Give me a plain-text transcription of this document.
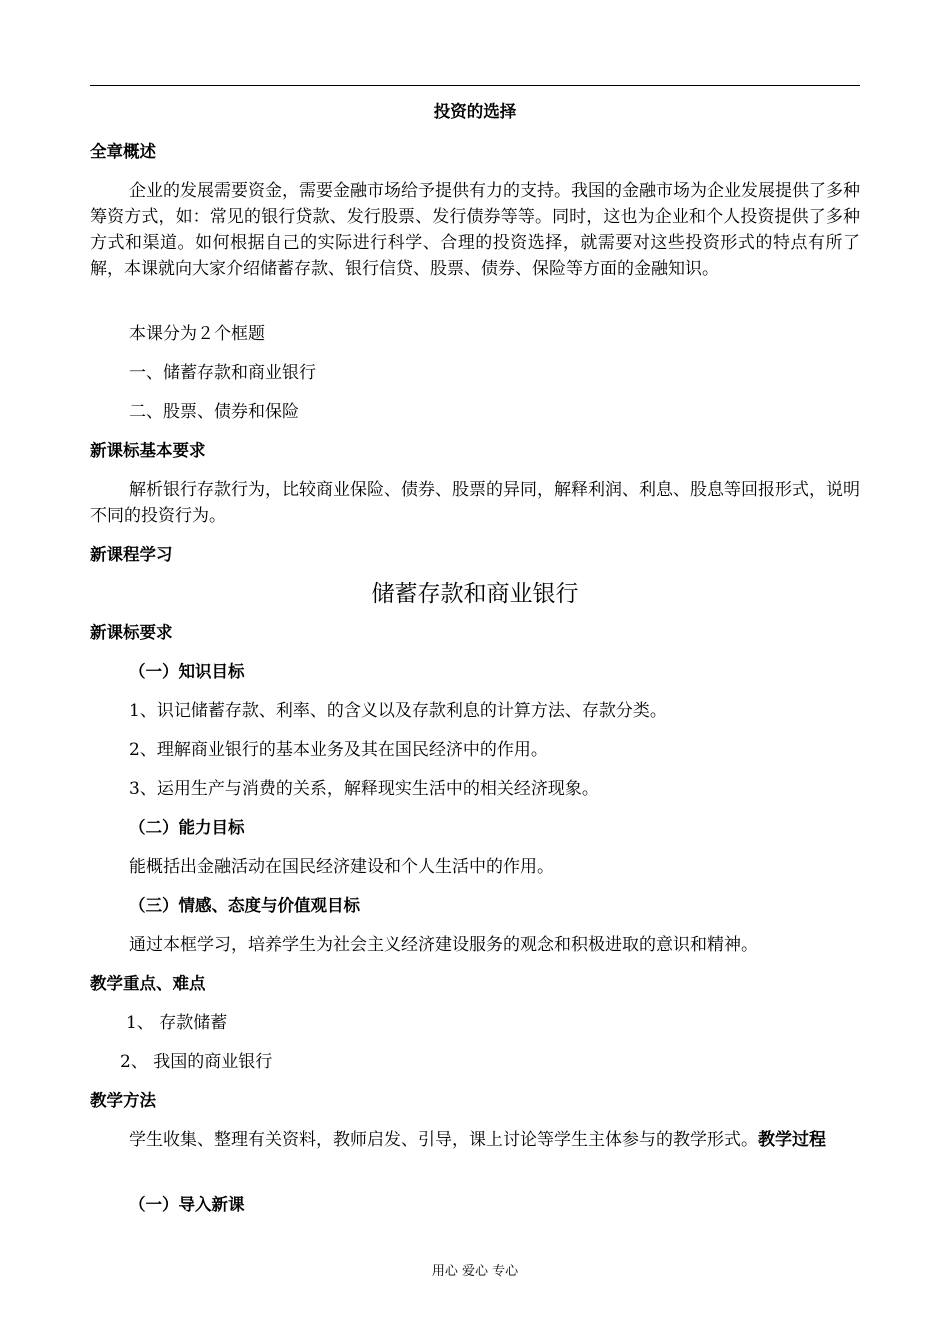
投资的选择
全章概述
企业的发展需要资金，需要金融市场给予提供有力的支持。我国的金融市场为企业发展提供了多种筹资方式，如：常见的银行贷款、发行股票、发行债券等等。同时，这也为企业和个人投资提供了多种方式和渠道。如何根据自己的实际进行科学、合理的投资选择，就需要对这些投资形式的特点有所了解，本课就向大家介绍储蓄存款、银行信贷、股票、债券、保险等方面的金融知识。
本课分为２个框题
一、储蓄存款和商业银行
二、股票、债券和保险
新课标基本要求
解析银行存款行为，比较商业保险、债券、股票的异同，解释利润、利息、股息等回报形式，说明不同的投资行为。
新课程学习
储蓄存款和商业银行
新课标要求
（一）知识目标
1、识记储蓄存款、利率、的含义以及存款利息的计算方法、存款分类。
2、理解商业银行的基本业务及其在国民经济中的作用。
3、运用生产与消费的关系，解释现实生活中的相关经济现象。
（二）能力目标
能概括出金融活动在国民经济建设和个人生活中的作用。
（三）情感、态度与价值观目标
通过本框学习，培养学生为社会主义经济建设服务的观念和积极进取的意识和精神。
教学重点、难点
1、 存款储蓄
2、 我国的商业银行
教学方法
学生收集、整理有关资料，教师启发、引导，课上讨论等学生主体参与的教学形式。教学过程
（一）导入新课
用心 爱心 专心
